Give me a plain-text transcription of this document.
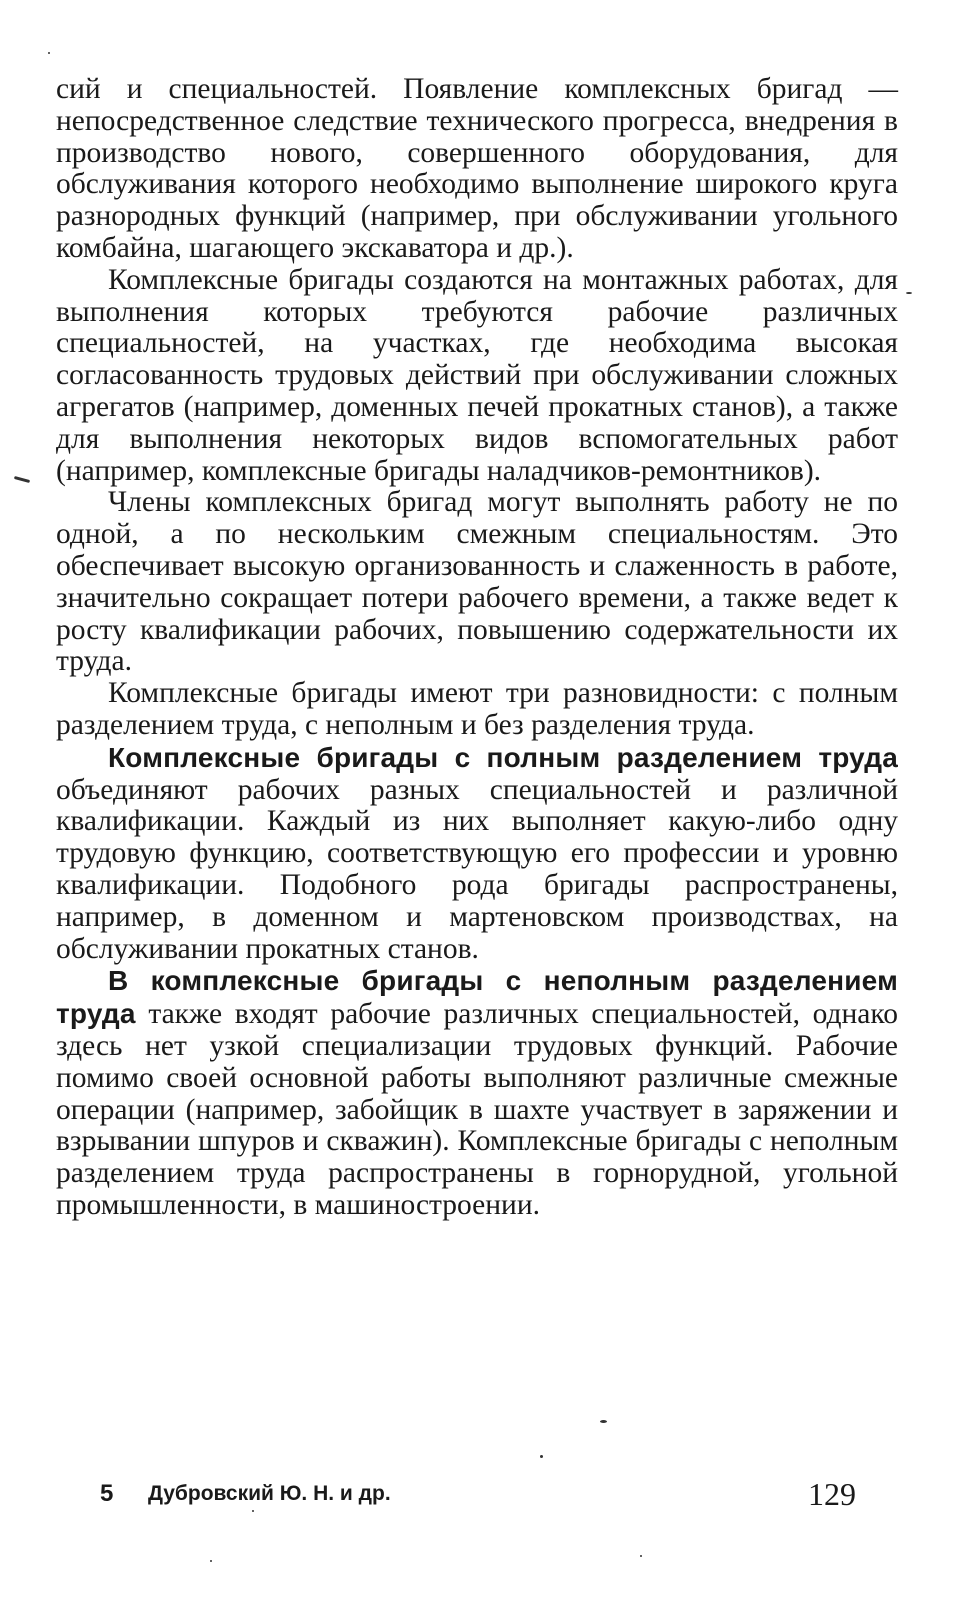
сий и специальностей. Появление комплексных бригад — непосредственное следствие технического прогресса, внедрения в производство нового, совершенного оборудования, для обслуживания которого необходимо выполнение широкого круга разнородных функций (например, при обслуживании угольного комбайна, шагающего экскаватора и др.).

Комплексные бригады создаются на монтажных работах, для выполнения которых требуются рабочие различных специальностей, на участках, где необходима высокая согласованность трудовых действий при обслуживании сложных агрегатов (например, доменных печей прокатных станов), а также для выполнения некоторых видов вспомогательных работ (например, комплексные бригады наладчиков-ремонтников).

Члены комплексных бригад могут выполнять работу не по одной, а по нескольким смежным специальностям. Это обеспечивает высокую организованность и слаженность в работе, значительно сокращает потери рабочего времени, а также ведет к росту квалификации рабочих, повышению содержательности их труда.

Комплексные бригады имеют три разновидности: с полным разделением труда, с неполным и без разделения труда.

Комплексные бригады с полным разделением труда объединяют рабочих разных специальностей и различной квалификации. Каждый из них выполняет какую-либо одну трудовую функцию, соответствующую его профессии и уровню квалификации. Подобного рода бригады распространены, например, в доменном и мартеновском производствах, на обслуживании прокатных станов.

В комплексные бригады с неполным разделением труда также входят рабочие различных специальностей, однако здесь нет узкой специализации трудовых функций. Рабочие помимо своей основной работы выполняют различные смежные операции (например, забойщик в шахте участвует в заряжении и взрывании шпуров и скважин). Комплексные бригады с неполным разделением труда распространены в горнорудной, угольной промышленности, в машиностроении.

5 Дубровский Ю. Н. и др.	129
